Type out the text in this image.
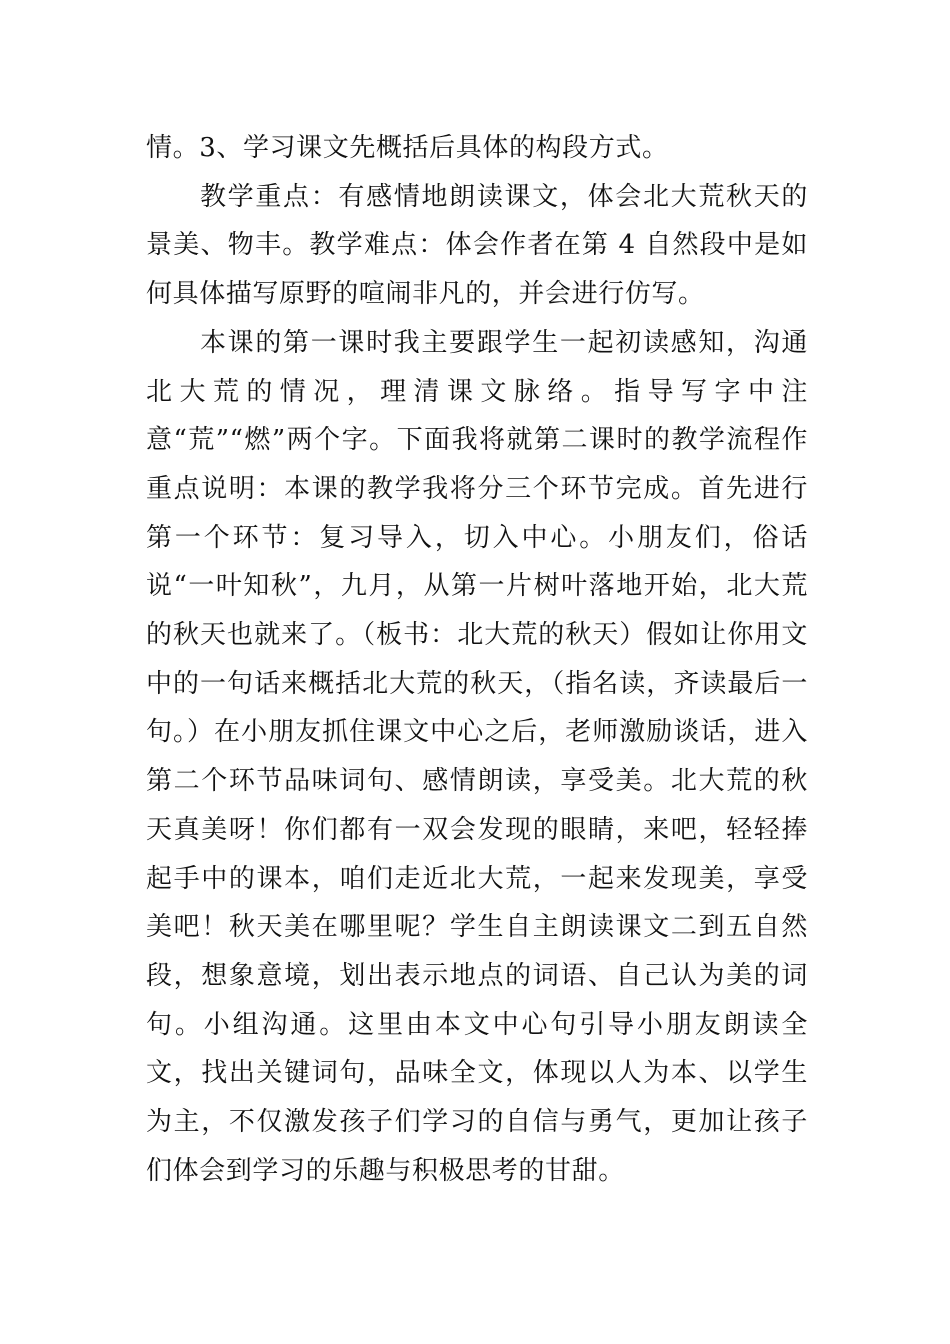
情。3、学习课文先概括后具体的构段方式。

教学重点：有感情地朗读课文，体会北大荒秋天的景美、物丰。教学难点：体会作者在第 4 自然段中是如何具体描写原野的喧闹非凡的，并会进行仿写。

本课的第一课时我主要跟学生一起初读感知，沟通北大荒的情况，理清课文脉络。指导写字中注意“荒”“燃”两个字。下面我将就第二课时的教学流程作重点说明：本课的教学我将分三个环节完成。首先进行第一个环节：复习导入，切入中心。小朋友们，俗话说“一叶知秋”，九月，从第一片树叶落地开始，北大荒的秋天也就来了。（板书：北大荒的秋天）假如让你用文中的一句话来概括北大荒的秋天，（指名读，齐读最后一句。）在小朋友抓住课文中心之后，老师激励谈话，进入第二个环节品味词句、感情朗读，享受美。北大荒的秋天真美呀！你们都有一双会发现的眼睛，来吧，轻轻捧起手中的课本，咱们走近北大荒，一起来发现美，享受美吧！秋天美在哪里呢？学生自主朗读课文二到五自然段，想象意境，划出表示地点的词语、自己认为美的词句。小组沟通。这里由本文中心句引导小朋友朗读全文，找出关键词句，品味全文，体现以人为本、以学生为主，不仅激发孩子们学习的自信与勇气，更加让孩子们体会到学习的乐趣与积极思考的甘甜。
